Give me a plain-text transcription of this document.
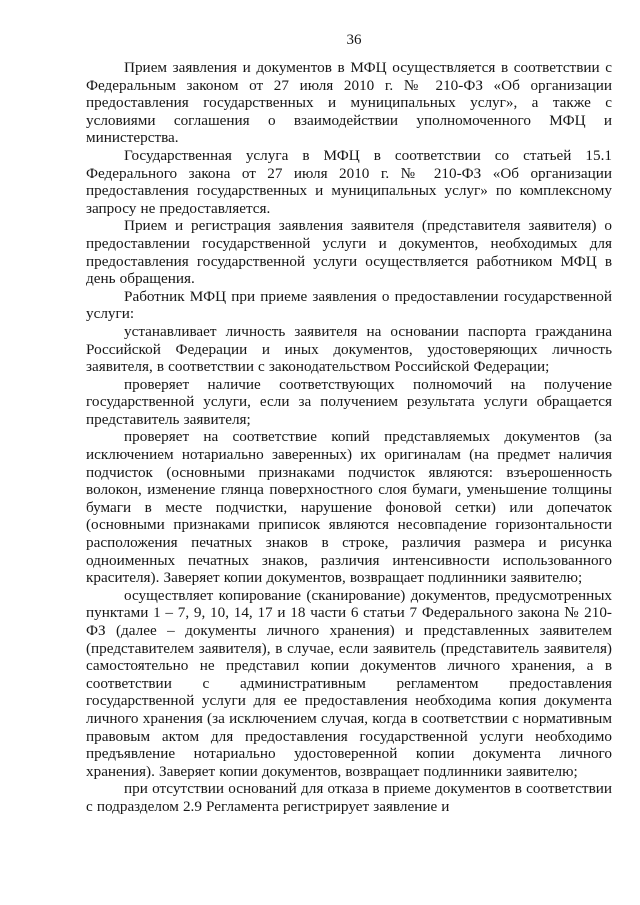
36

Прием заявления и документов в МФЦ осуществляется в соответствии с Федеральным законом от 27 июля 2010 г. № 210-ФЗ «Об организации предоставления государственных и муниципальных услуг», а также с условиями соглашения о взаимодействии уполномоченного МФЦ и министерства.

Государственная услуга в МФЦ в соответствии со статьей 15.1 Федерального закона от 27 июля 2010 г. № 210-ФЗ «Об организации предоставления государственных и муниципальных услуг» по комплексному запросу не предоставляется.

Прием и регистрация заявления заявителя (представителя заявителя) о предоставлении государственной услуги и документов, необходимых для предоставления государственной услуги осуществляется работником МФЦ в день обращения.

Работник МФЦ при приеме заявления о предоставлении государственной услуги:

устанавливает личность заявителя на основании паспорта гражданина Российской Федерации и иных документов, удостоверяющих личность заявителя, в соответствии с законодательством Российской Федерации;

проверяет наличие соответствующих полномочий на получение государственной услуги, если за получением результата услуги обращается представитель заявителя;

проверяет на соответствие копий представляемых документов (за исключением нотариально заверенных) их оригиналам (на предмет наличия подчисток (основными признаками подчисток являются: взъерошенность волокон, изменение глянца поверхностного слоя бумаги, уменьшение толщины бумаги в месте подчистки, нарушение фоновой сетки) или допечаток (основными признаками приписок являются несовпадение горизонтальности расположения печатных знаков в строке, различия размера и рисунка одноименных печатных знаков, различия интенсивности использованного красителя). Заверяет копии документов, возвращает подлинники заявителю;

осуществляет копирование (сканирование) документов, предусмотренных пунктами 1 – 7, 9, 10, 14, 17 и 18 части 6 статьи 7 Федерального закона № 210-ФЗ (далее – документы личного хранения) и представленных заявителем (представителем заявителя), в случае, если заявитель (представитель заявителя) самостоятельно не представил копии документов личного хранения, а в соответствии с административным регламентом предоставления государственной услуги для ее предоставления необходима копия документа личного хранения (за исключением случая, когда в соответствии с нормативным правовым актом для предоставления государственной услуги необходимо предъявление нотариально удостоверенной копии документа личного хранения). Заверяет копии документов, возвращает подлинники заявителю;

при отсутствии оснований для отказа в приеме документов в соответствии с подразделом 2.9 Регламента регистрирует заявление и
